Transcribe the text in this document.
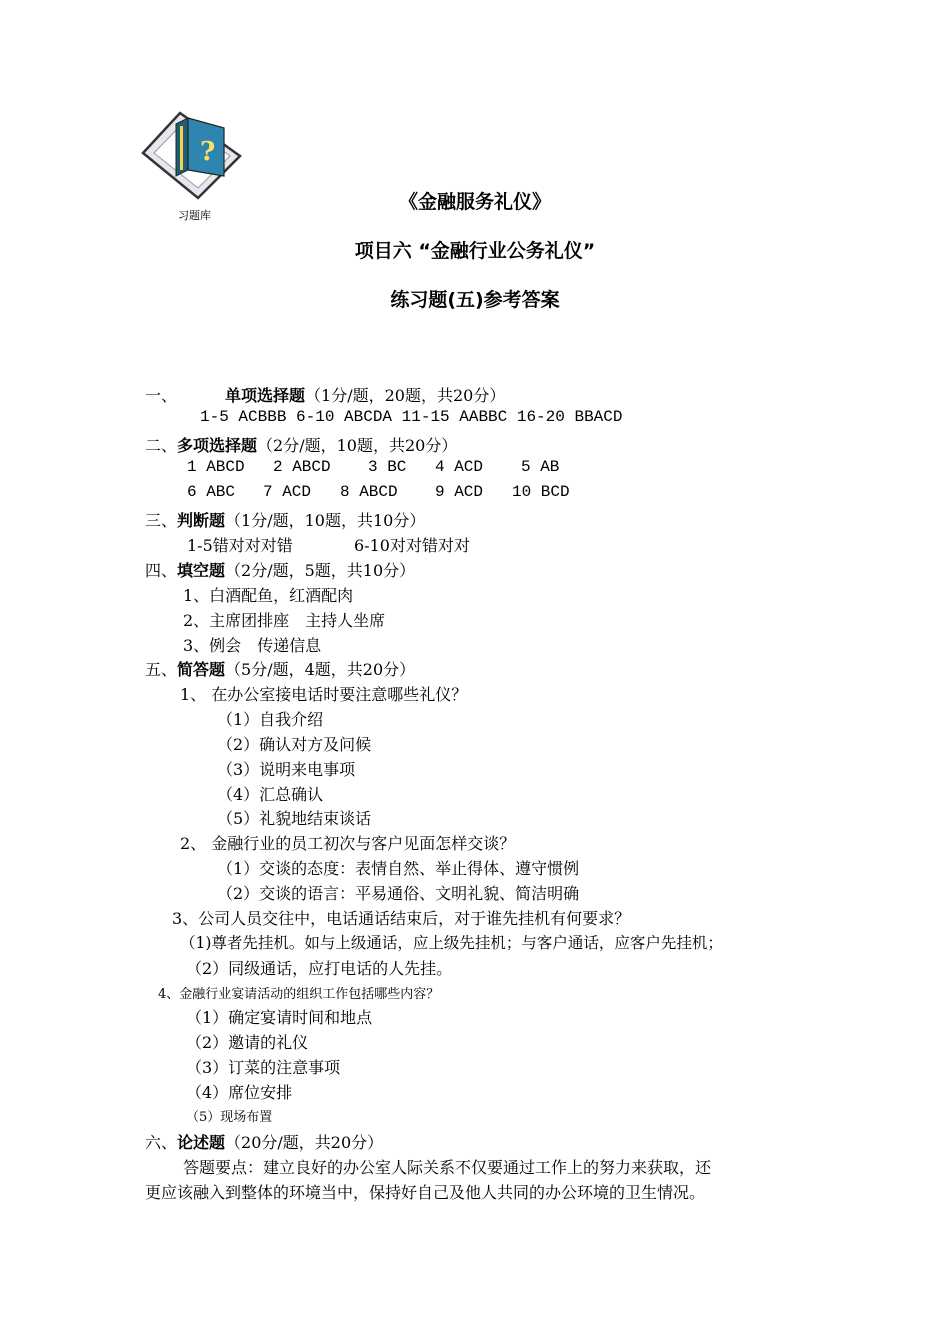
?
习题库
《金融服务礼仪》
项目六 “金融行业公务礼仪”
练习题(五)参考答案
一、	单项选择题（1分/题，20题，共20分）
1-5 ACBBB 6-10 ABCDA 11-15 AABBC 16-20 BBACD
二、多项选择题（2分/题，10题，共20分）
1 ABCD 2 ABCD 3 BC 4 ACD 5 AB
6 ABC 7 ACD 8 ABCD 9 ACD 10 BCD
三、判断题（1分/题，10题，共10分）
1-5错对对对错	6-10对对错对对
四、填空题（2分/题，5题，共10分）
1、白酒配鱼，红酒配肉
2、主席团排座　主持人坐席
3、例会　传递信息
五、简答题（5分/题，4题，共20分）
1、 在办公室接电话时要注意哪些礼仪？
（1）自我介绍
（2）确认对方及问候
（3）说明来电事项
（4）汇总确认
（5）礼貌地结束谈话
2、 金融行业的员工初次与客户见面怎样交谈？
（1）交谈的态度：表情自然、举止得体、遵守惯例
（2）交谈的语言：平易通俗、文明礼貌、简洁明确
3、公司人员交往中，电话通话结束后，对于谁先挂机有何要求？
（1)尊者先挂机。如与上级通话，应上级先挂机；与客户通话，应客户先挂机；
（2）同级通话，应打电话的人先挂。
4、金融行业宴请活动的组织工作包括哪些内容？
（1）确定宴请时间和地点
（2）邀请的礼仪
（3）订菜的注意事项
（4）席位安排
（5）现场布置
六、论述题（20分/题，共20分）
答题要点：建立良好的办公室人际关系不仅要通过工作上的努力来获取，还
更应该融入到整体的环境当中，保持好自己及他人共同的办公环境的卫生情况。
